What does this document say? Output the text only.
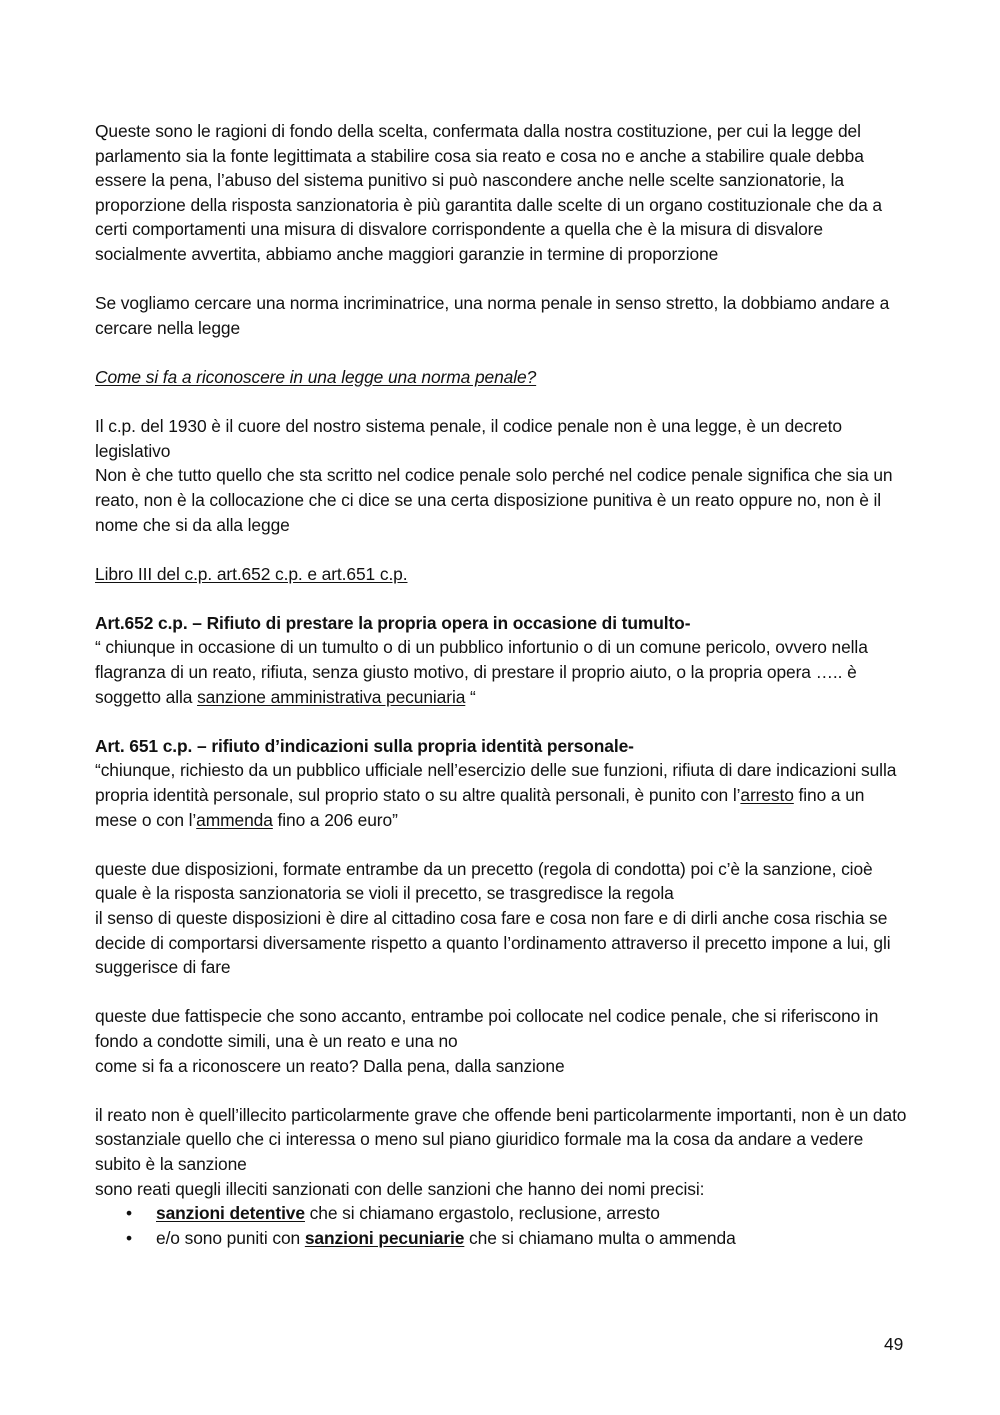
Queste sono le ragioni di fondo della scelta, confermata dalla nostra costituzione, per cui la legge del parlamento sia la fonte legittimata a stabilire cosa sia reato e cosa no e anche a stabilire quale debba essere la pena, l’abuso del sistema punitivo si può nascondere anche nelle scelte sanzionatorie, la proporzione della risposta sanzionatoria è più garantita dalle scelte di un organo costituzionale che da a certi comportamenti una misura di disvalore corrispondente a quella che è la misura di disvalore socialmente avvertita, abbiamo anche maggiori garanzie in termine di proporzione

Se vogliamo cercare una norma incriminatrice, una norma penale in senso stretto, la dobbiamo andare a cercare nella legge

Come si fa a riconoscere in una legge una norma penale?

Il c.p. del 1930 è il cuore del nostro sistema penale, il codice penale non è una legge, è un decreto legislativo
Non è che tutto quello che sta scritto nel codice penale solo perché nel codice penale significa che sia un reato, non è la collocazione che ci dice se una certa disposizione punitiva è un reato oppure no, non è il nome che si da alla legge

Libro III del c.p. art.652 c.p. e art.651 c.p.

Art.652 c.p. – Rifiuto di prestare la propria opera in occasione di tumulto-
“ chiunque in occasione di un tumulto o di un pubblico infortunio o di un comune pericolo, ovvero nella flagranza di un reato, rifiuta, senza giusto motivo, di prestare il proprio aiuto, o la propria opera ….. è soggetto alla sanzione amministrativa pecuniaria “

Art. 651 c.p. – rifiuto d’indicazioni sulla propria identità personale-
“chiunque, richiesto da un pubblico ufficiale nell’esercizio delle sue funzioni, rifiuta di dare indicazioni sulla propria identità personale, sul proprio stato o su altre qualità personali, è punito con l’arresto fino a un mese o con l’ammenda fino a 206 euro”

queste due disposizioni, formate entrambe da un precetto (regola di condotta) poi c’è la sanzione, cioè quale è la risposta sanzionatoria se violi il precetto, se trasgredisce la regola
il senso di queste disposizioni è dire al cittadino cosa fare e cosa non fare e di dirli anche cosa rischia se decide di comportarsi diversamente rispetto a quanto l’ordinamento attraverso il precetto impone a lui, gli suggerisce di fare

queste due fattispecie che sono accanto, entrambe poi collocate nel codice penale, che si riferiscono in fondo a condotte simili, una è un reato e una no
come si fa a riconoscere un reato? Dalla pena, dalla sanzione

il reato non è quell’illecito particolarmente grave che offende beni particolarmente importanti, non è un dato sostanziale quello che ci interessa o meno sul piano giuridico formale ma la cosa da andare a vedere subito è la sanzione
sono reati quegli illeciti sanzionati con delle sanzioni che hanno dei nomi precisi:
• sanzioni detentive che si chiamano ergastolo, reclusione, arresto
• e/o sono puniti con sanzioni pecuniarie che si chiamano multa o ammenda
49
